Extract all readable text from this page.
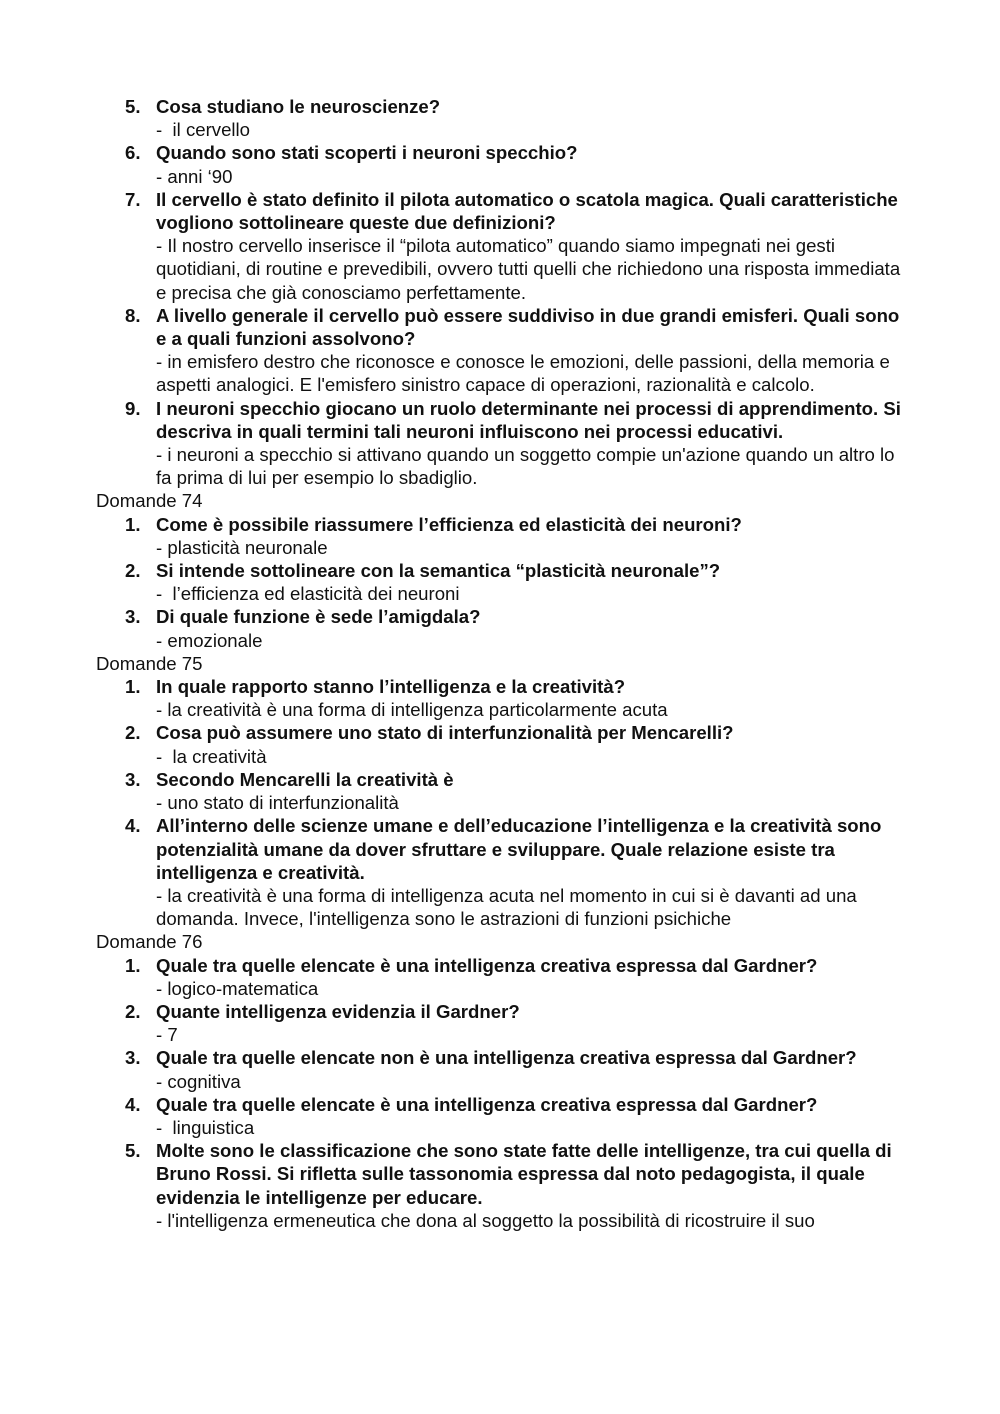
5. Cosa studiano le neuroscienze?
-  il cervello
6. Quando sono stati scoperti i neuroni specchio?
- anni ‘90
7. Il cervello è stato definito il pilota automatico o scatola magica. Quali caratteristiche vogliono sottolineare queste due definizioni?
- Il nostro cervello inserisce il “pilota automatico” quando siamo impegnati nei gesti quotidiani, di routine e prevedibili, ovvero tutti quelli che richiedono una risposta immediata e precisa che già conosciamo perfettamente.
8. A livello generale il cervello può essere suddiviso in due grandi emisferi. Quali sono e a quali funzioni assolvono?
- in emisfero destro che riconosce e conosce le emozioni, delle passioni, della memoria e aspetti analogici. E l'emisfero sinistro capace di operazioni, razionalità e calcolo.
9. I neuroni specchio giocano un ruolo determinante nei processi di apprendimento. Si descriva in quali termini tali neuroni influiscono nei processi educativi.
- i neuroni a specchio si attivano quando un soggetto compie un'azione quando un altro lo fa prima di lui per esempio lo sbadiglio.

Domande 74

1. Come è possibile riassumere l’efficienza ed elasticità dei neuroni?
- plasticità neuronale
2. Si intende sottolineare con la semantica “plasticità neuronale”?
-  l’efficienza ed elasticità dei neuroni
3. Di quale funzione è sede l’amigdala?
- emozionale

Domande 75

1. In quale rapporto stanno l’intelligenza e la creatività?
- la creatività è una forma di intelligenza particolarmente acuta
2. Cosa può assumere uno stato di interfunzionalità per Mencarelli?
-  la creatività
3. Secondo Mencarelli la creatività è
- uno stato di interfunzionalità
4. All’interno delle scienze umane e dell’educazione l’intelligenza e la creatività sono potenzialità umane da dover sfruttare e sviluppare. Quale relazione esiste tra intelligenza e creatività.
- la creatività è una forma di intelligenza acuta nel momento in cui si è davanti ad una domanda. Invece, l'intelligenza sono le astrazioni di funzioni psichiche

Domande 76

1. Quale tra quelle elencate è una intelligenza creativa espressa dal Gardner?
- logico-matematica
2. Quante intelligenza evidenzia il Gardner?
- 7
3. Quale tra quelle elencate non è una intelligenza creativa espressa dal Gardner?
- cognitiva
4. Quale tra quelle elencate è una intelligenza creativa espressa dal Gardner?
-  linguistica
5. Molte sono le classificazione che sono state fatte delle intelligenze, tra cui quella di Bruno Rossi. Si rifletta sulle tassonomia espressa dal noto pedagogista, il quale evidenzia le intelligenze per educare.
- l'intelligenza ermeneutica che dona al soggetto la possibilità di ricostruire il suo
